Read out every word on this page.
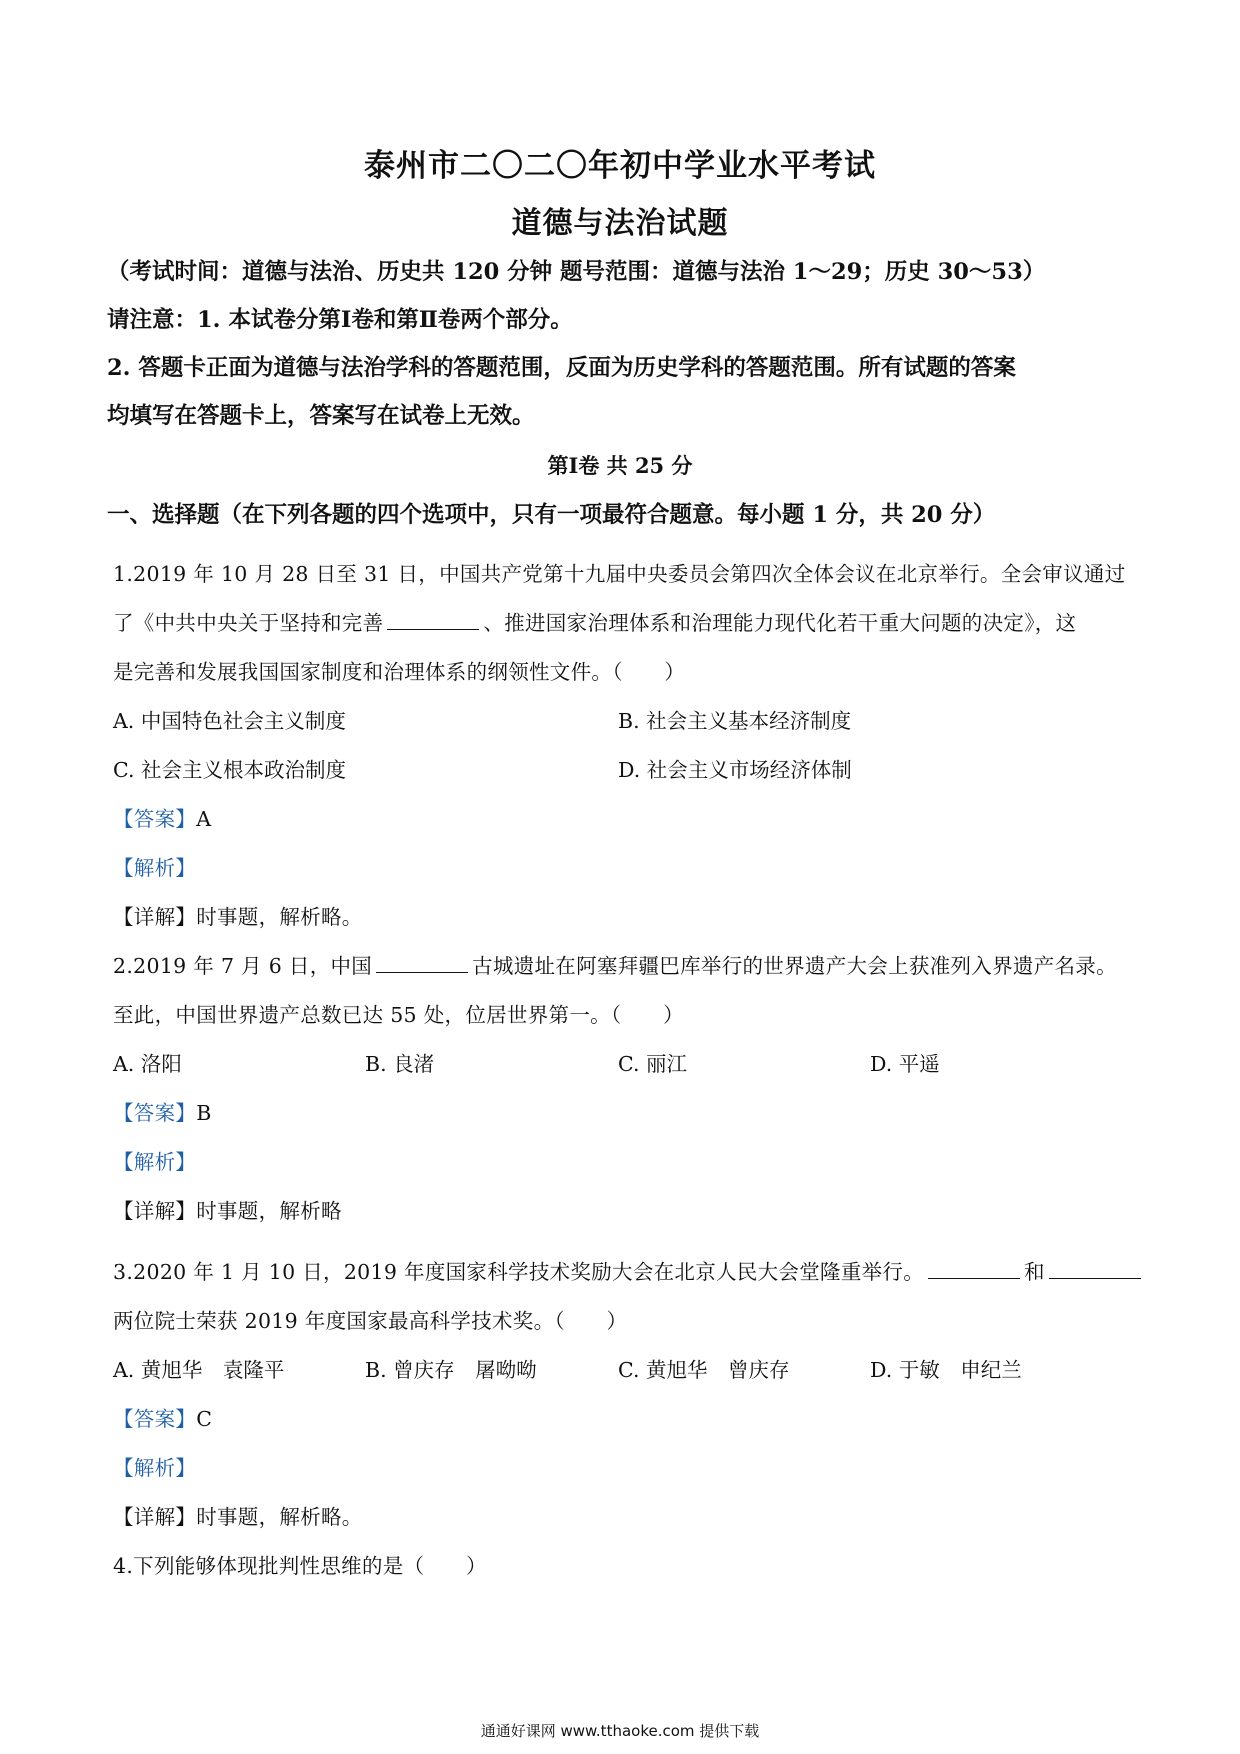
泰州市二〇二〇年初中学业水平考试
道德与法治试题
（考试时间：道德与法治、历史共 120 分钟 题号范围：道德与法治 1～29；历史 30～53）
请注意：1. 本试卷分第Ⅰ卷和第Ⅱ卷两个部分。
2. 答题卡正面为道德与法治学科的答题范围，反面为历史学科的答题范围。所有试题的答案
均填写在答题卡上，答案写在试卷上无效。
第Ⅰ卷 共 25 分
一、选择题（在下列各题的四个选项中，只有一项最符合题意。每小题 1 分，共 20 分）
1.2019 年 10 月 28 日至 31 日，中国共产党第十九届中央委员会第四次全体会议在北京举行。全会审议通过
了《中共中央关于坚持和完善	、推进国家治理体系和治理能力现代化若干重大问题的决定》，这
是完善和发展我国国家制度和治理体系的纲领性文件。（　　）
A. 中国特色社会主义制度	B. 社会主义基本经济制度
C. 社会主义根本政治制度	D. 社会主义市场经济体制
【答案】A
【解析】
【详解】时事题，解析略。
2.2019 年 7 月 6 日，中国	古城遗址在阿塞拜疆巴库举行的世界遗产大会上获准列入界遗产名录。
至此，中国世界遗产总数已达 55 处，位居世界第一。（　　）
A. 洛阳	B. 良渚	C. 丽江	D. 平遥
【答案】B
【解析】
【详解】时事题，解析略
3.2020 年 1 月 10 日，2019 年度国家科学技术奖励大会在北京人民大会堂隆重举行。	和
两位院士荣获 2019 年度国家最高科学技术奖。（　　）
A. 黄旭华　袁隆平	B. 曾庆存　屠呦呦	C. 黄旭华　曾庆存	D. 于敏　申纪兰
【答案】C
【解析】
【详解】时事题，解析略。
4.下列能够体现批判性思维的是（　　）
通通好课网 www.tthaoke.com 提供下载
